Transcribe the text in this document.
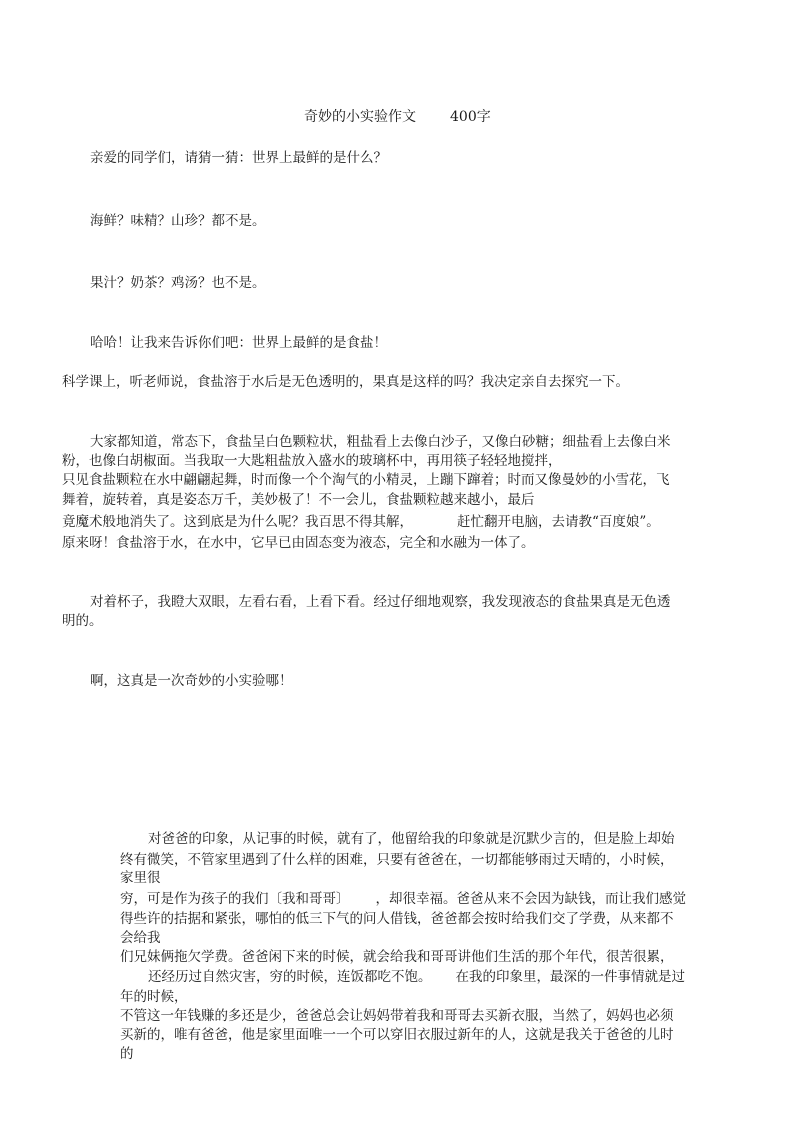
奇妙的小实验作文 400字
亲爱的同学们，请猜一猜：世界上最鲜的是什么？
海鲜？味精？山珍？都不是。
果汁？奶茶？鸡汤？也不是。
哈哈！让我来告诉你们吧：世界上最鲜的是食盐！
科学课上，听老师说，食盐溶于水后是无色透明的，果真是这样的吗？我决定亲自去探究一下。
大家都知道，常态下，食盐呈白色颗粒状，粗盐看上去像白沙子，又像白砂糖；细盐看上去像白米
粉，也像白胡椒面。当我取一大匙粗盐放入盛水的玻璃杯中，再用筷子轻轻地搅拌，
只见食盐颗粒在水中翩翩起舞，时而像一个个淘气的小精灵，上蹦下蹿着；时而又像曼妙的小雪花，飞
舞着，旋转着，真是姿态万千，美妙极了！不一会儿，食盐颗粒越来越小，最后
竟魔术般地消失了。这到底是为什么呢？我百思不得其解，	赶忙翻开电脑，去请教“百度娘”。
原来呀！食盐溶于水，在水中，它早已由固态变为液态，完全和水融为一体了。
对着杯子，我瞪大双眼，左看右看，上看下看。经过仔细地观察，我发现液态的食盐果真是无色透
明的。
啊，这真是一次奇妙的小实验哪！
对爸爸的印象，从记事的时候，就有了，他留给我的印象就是沉默少言的，但是脸上却始
终有微笑，不管家里遇到了什么样的困难，只要有爸爸在，一切都能够雨过天晴的，小时候，
家里很
穷，可是作为孩子的我们〔我和哥哥〕 ，却很幸福。爸爸从来不会因为缺钱，而让我们感觉
得些许的拮据和紧张，哪怕的低三下气的问人借钱，爸爸都会按时给我们交了学费，从来都不
会给我
们兄妹俩拖欠学费。爸爸闲下来的时候，就会给我和哥哥讲他们生活的那个年代，很苦很累，
还经历过自然灾害，穷的时候，连饭都吃不饱。 在我的印象里，最深的一件事情就是过
年的时候，
不管这一年钱赚的多还是少，爸爸总会让妈妈带着我和哥哥去买新衣服，当然了，妈妈也必须
买新的，唯有爸爸，他是家里面唯一一个可以穿旧衣服过新年的人，这就是我关于爸爸的儿时
的
